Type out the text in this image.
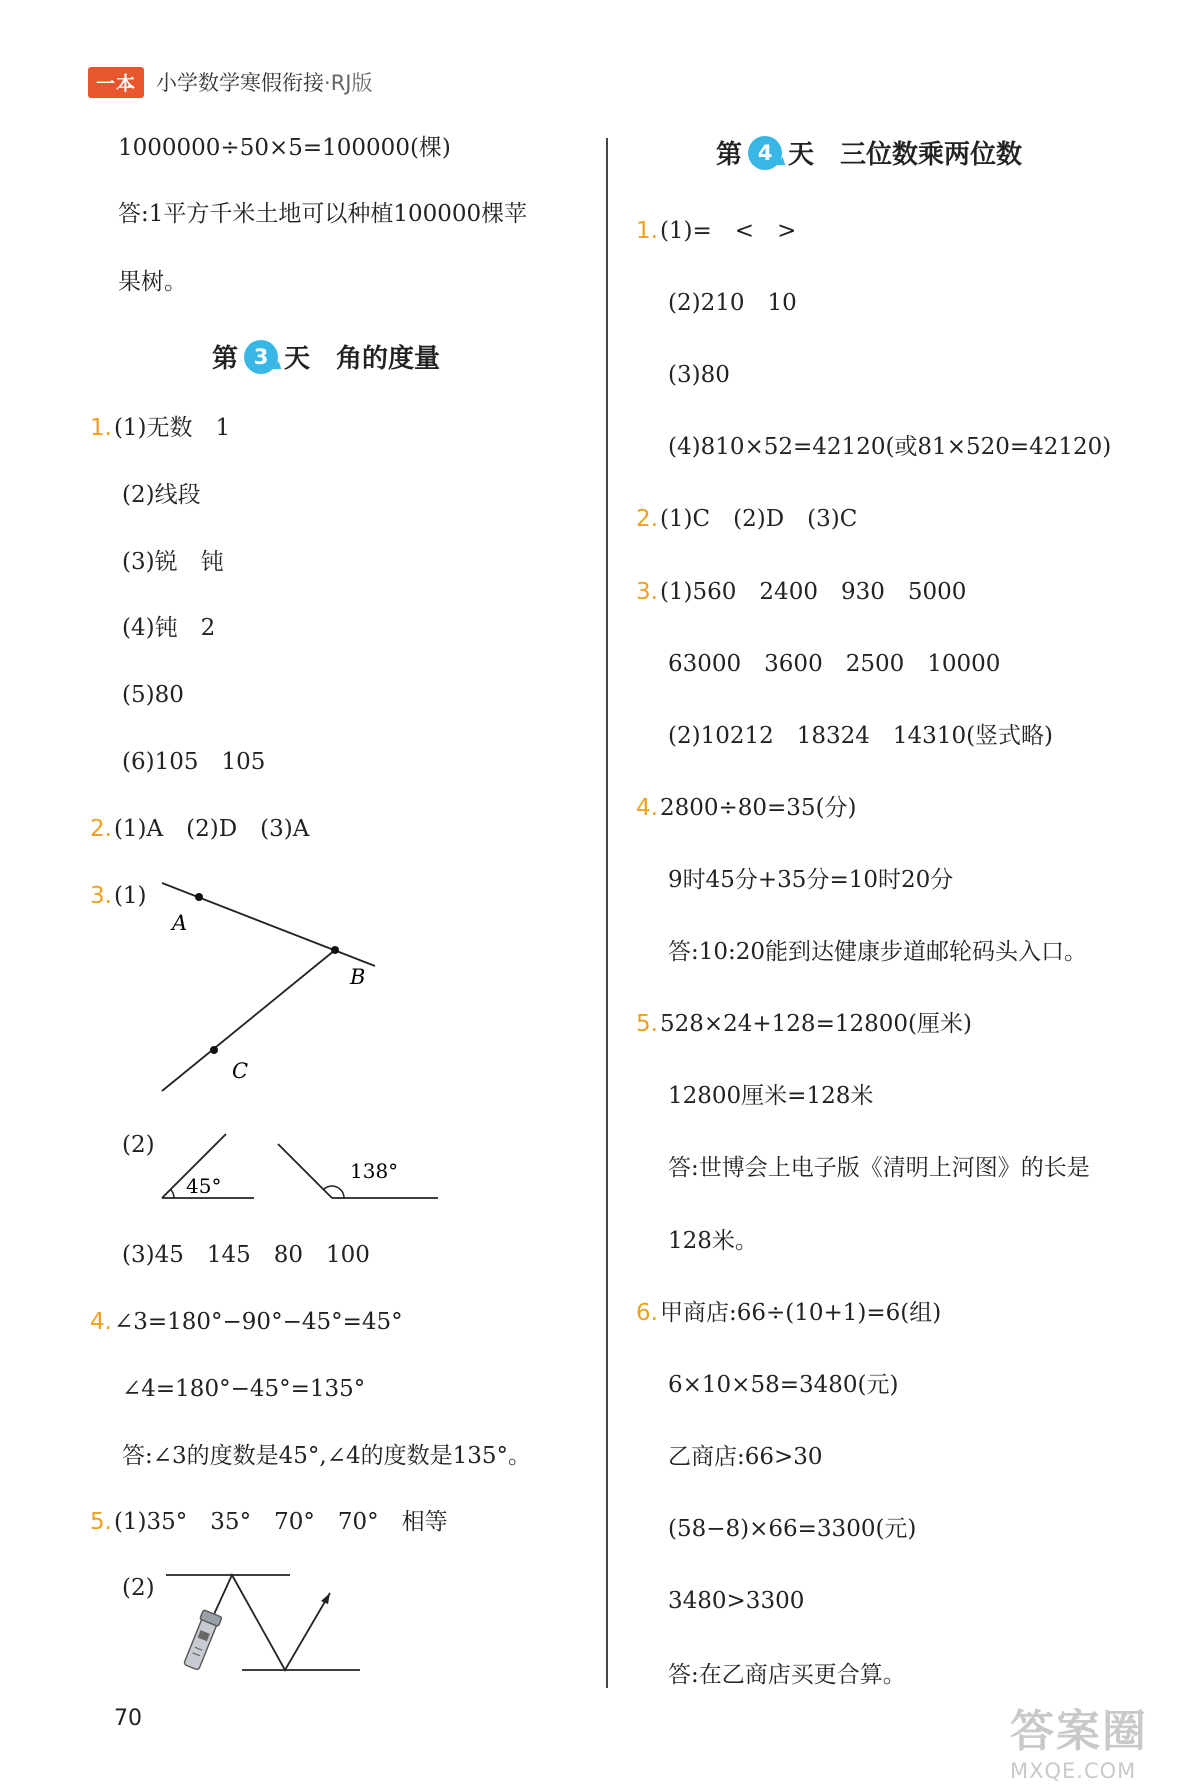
一本 小学数学寒假衔接·RJ版
1000000÷50×5=100000(棵)
答:1平方千米土地可以种植100000棵苹
果树。
第 3 天 角的度量
1.(1)无数　1
(2)线段
(3)锐　钝
(4)钝　2
(5)80
(6)105　105
2.(1)A　(2)D　(3)A
3.(1)
A
B
C
(2)
45°
138°
(3)45　145　80　100
4.∠3=180°−90°−45°=45°
∠4=180°−45°=135°
答:∠3的度数是45°,∠4的度数是135°。
5.(1)35°　35°　70°　70°　相等
(2)
第 4 天 三位数乘两位数
1.(1)=　<　>
(2)210　10
(3)80
(4)810×52=42120(或81×520=42120)
2.(1)C　(2)D　(3)C
3.(1)560　2400　930　5000
63000　3600　2500　10000
(2)10212　18324　14310(竖式略)
4.2800÷80=35(分)
9时45分+35分=10时20分
答:10:20能到达健康步道邮轮码头入口。
5.528×24+128=12800(厘米)
12800厘米=128米
答:世博会上电子版《清明上河图》的长是
128米。
6.甲商店:66÷(10+1)=6(组)
6×10×58=3480(元)
乙商店:66>30
(58−8)×66=3300(元)
3480>3300
答:在乙商店买更合算。
70	答案圈
MXQE.COM
